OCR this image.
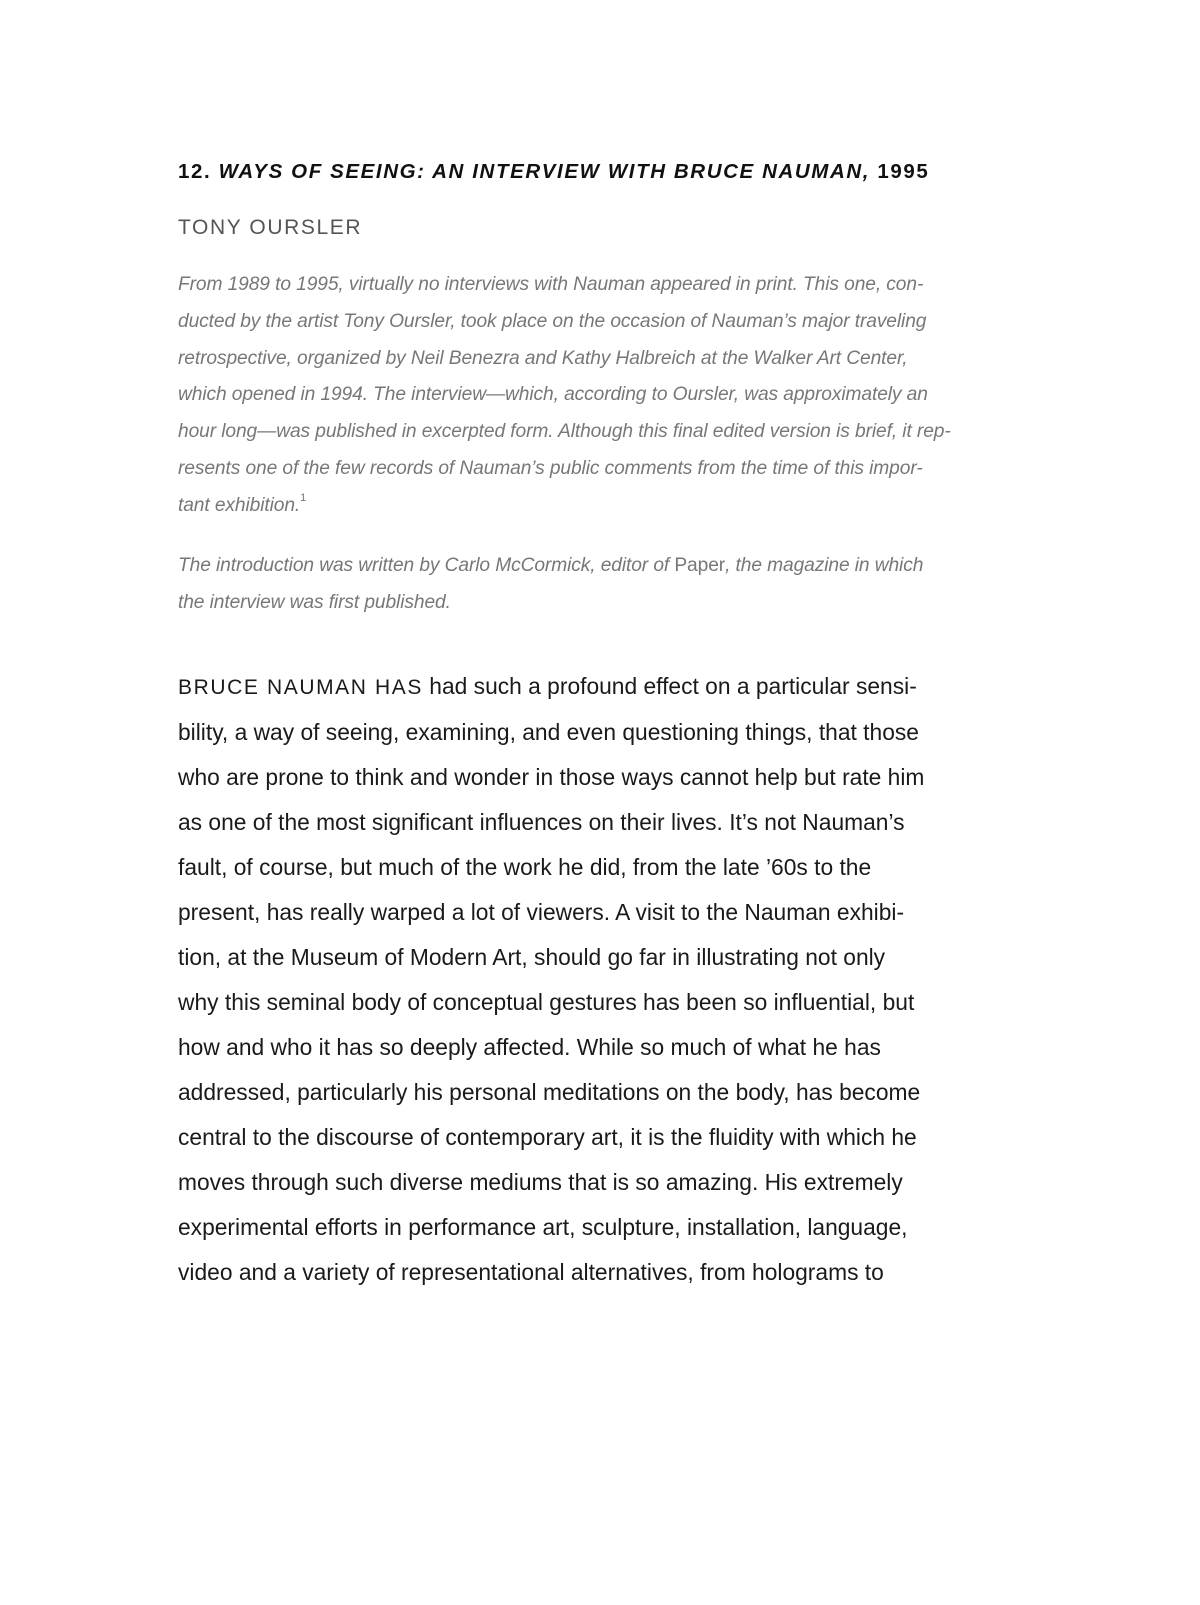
12. WAYS OF SEEING: AN INTERVIEW WITH BRUCE NAUMAN, 1995

TONY OURSLER

From 1989 to 1995, virtually no interviews with Nauman appeared in print. This one, con-
ducted by the artist Tony Oursler, took place on the occasion of Nauman’s major traveling
retrospective, organized by Neil Benezra and Kathy Halbreich at the Walker Art Center,
which opened in 1994. The interview—which, according to Oursler, was approximately an
hour long—was published in excerpted form. Although this final edited version is brief, it rep-
resents one of the few records of Nauman’s public comments from the time of this impor-
tant exhibition.$^1$

The introduction was written by Carlo McCormick, editor of Paper, the magazine in which
the interview was first published.

BRUCE NAUMAN HAS had such a profound effect on a particular sensi-
bility, a way of seeing, examining, and even questioning things, that those
who are prone to think and wonder in those ways cannot help but rate him
as one of the most significant influences on their lives. It’s not Nauman’s
fault, of course, but much of the work he did, from the late ’60s to the
present, has really warped a lot of viewers. A visit to the Nauman exhibi-
tion, at the Museum of Modern Art, should go far in illustrating not only
why this seminal body of conceptual gestures has been so influential, but
how and who it has so deeply affected. While so much of what he has
addressed, particularly his personal meditations on the body, has become
central to the discourse of contemporary art, it is the fluidity with which he
moves through such diverse mediums that is so amazing. His extremely
experimental efforts in performance art, sculpture, installation, language,
video and a variety of representational alternatives, from holograms to
